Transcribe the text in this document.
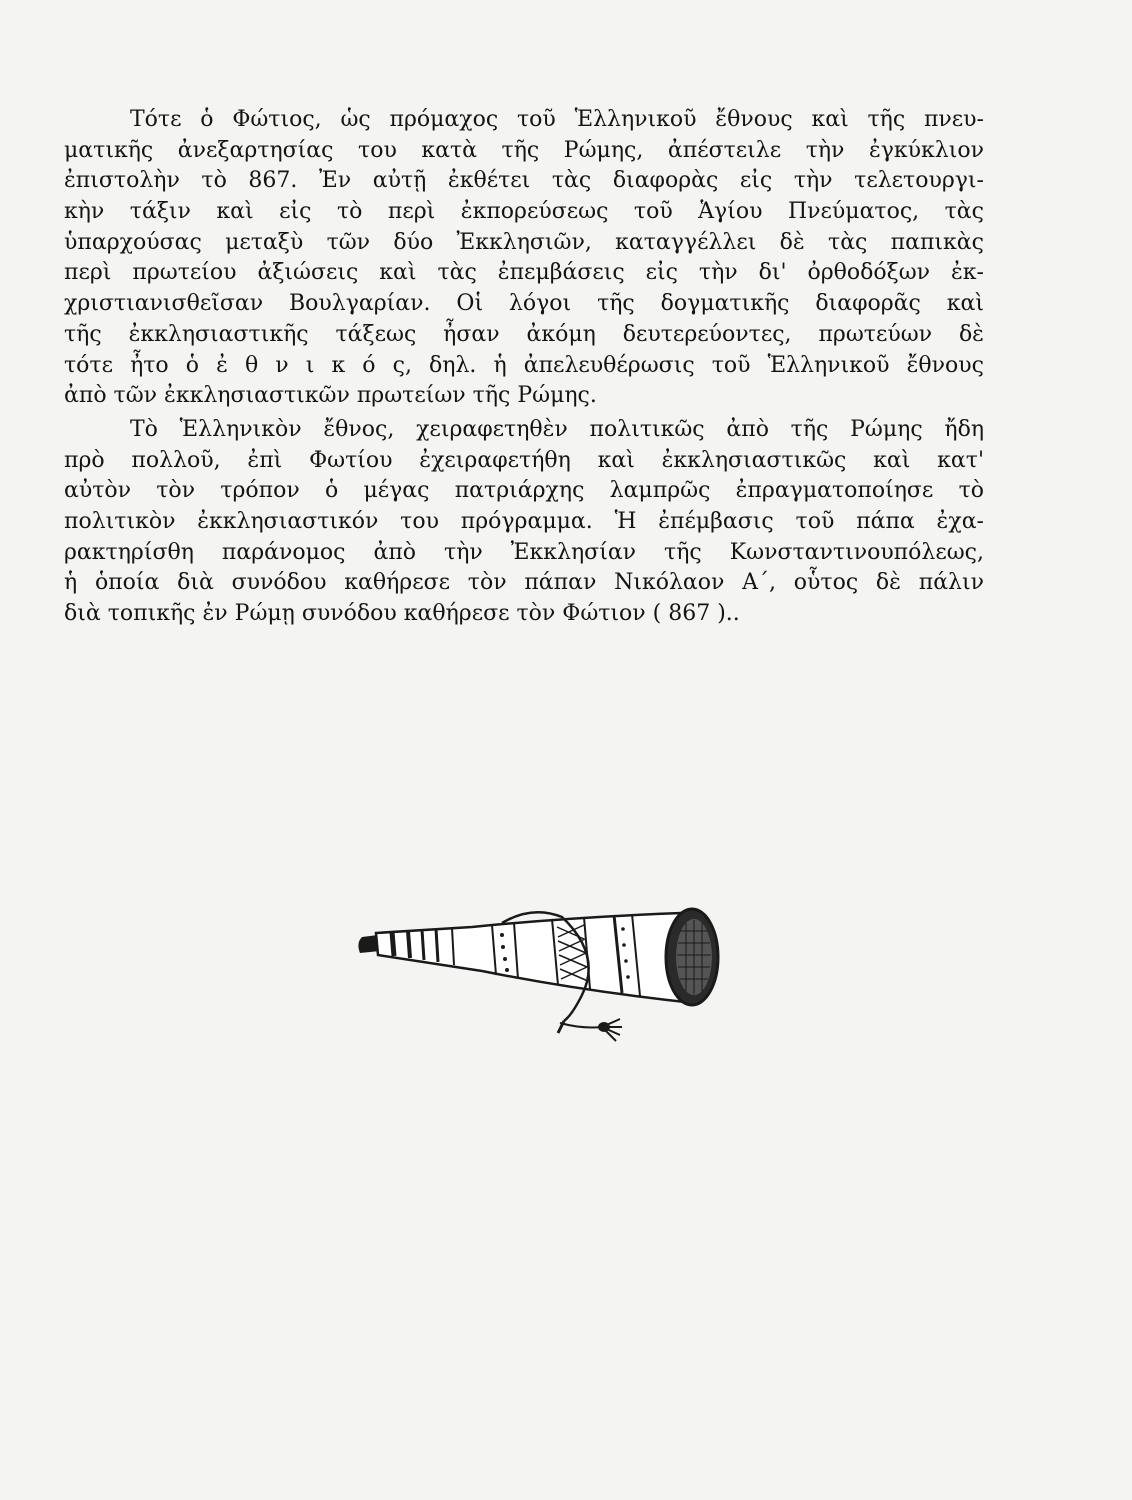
Τότε ὁ Φώτιος, ὡς πρόμαχος τοῦ Ἑλληνικοῦ ἔθνους καὶ τῆς πνευ-
ματικῆς ἀνεξαρτησίας του κατὰ τῆς Ρώμης, ἀπέστειλε τὴν ἐγκύκλιον
ἐπιστολὴν τὸ 867. Ἐν αὐτῇ ἐκθέτει τὰς διαφορὰς εἰς τὴν τελετουργι-
κὴν τάξιν καὶ εἰς τὸ περὶ ἐκπορεύσεως τοῦ Ἁγίου Πνεύματος, τὰς
ὑπαρχούσας μεταξὺ τῶν δύο Ἐκκλησιῶν, καταγγέλλει δὲ τὰς παπικὰς
περὶ πρωτείου ἀξιώσεις καὶ τὰς ἐπεμβάσεις εἰς τὴν δι' ὀρθοδόξων ἐκ-
χριστιανισθεῖσαν Βουλγαρίαν. Οἱ λόγοι τῆς δογματικῆς διαφορᾶς καὶ
τῆς ἐκκλησιαστικῆς τάξεως ἦσαν ἀκόμη δευτερεύοντες, πρωτεύων δὲ
τότε ἦτο ὁ ἐ θ ν ι κ ό ς, δηλ. ἡ ἀπελευθέρωσις τοῦ Ἑλληνικοῦ ἔθνους
ἀπὸ τῶν ἐκκλησιαστικῶν πρωτείων τῆς Ρώμης.

Τὸ Ἑλληνικὸν ἔθνος, χειραφετηθὲν πολιτικῶς ἀπὸ τῆς Ρώμης ἤδη
πρὸ πολλοῦ, ἐπὶ Φωτίου ἐχειραφετήθη καὶ ἐκκλησιαστικῶς καὶ κατ'
αὐτὸν τὸν τρόπον ὁ μέγας πατριάρχης λαμπρῶς ἐπραγματοποίησε τὸ
πολιτικὸν ἐκκλησιαστικόν του πρόγραμμα. Ἡ ἐπέμβασις τοῦ πάπα ἐχα-
ρακτηρίσθη παράνομος ἀπὸ τὴν Ἐκκλησίαν τῆς Κωνσταντινουπόλεως,
ἡ ὁποία διὰ συνόδου καθήρεσε τὸν πάπαν Νικόλαον Α΄, οὗτος δὲ πάλιν
διὰ τοπικῆς ἐν Ρώμῃ συνόδου καθήρεσε τὸν Φώτιον ( 867 )..
